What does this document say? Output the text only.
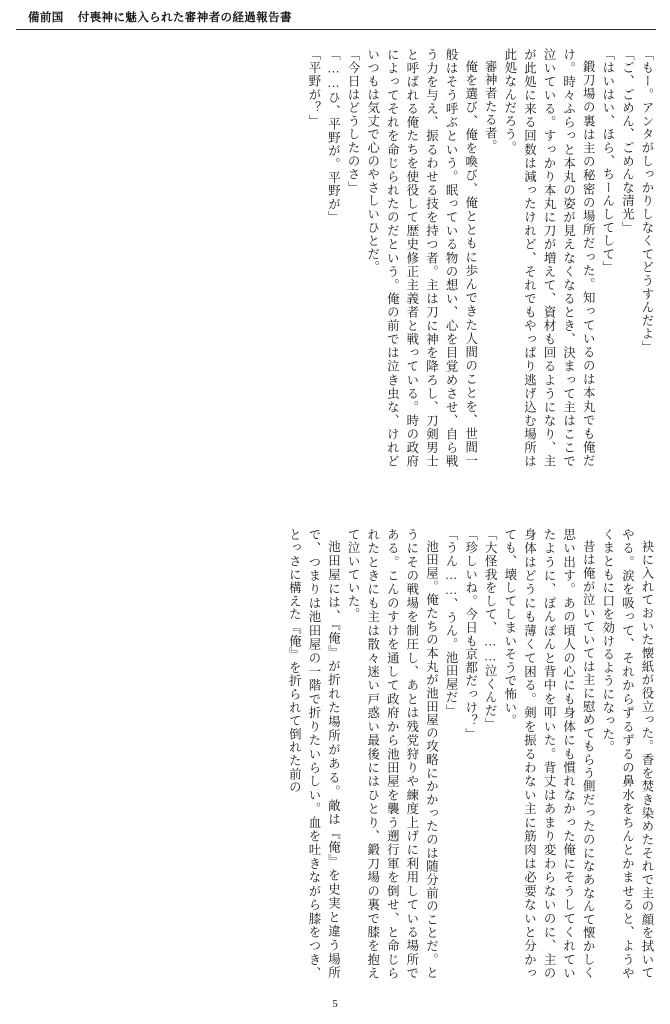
備前国 付喪神に魅入られた審神者の経過報告書

「もー。アンタがしっかりしなくてどうすんだよ」

「ご、ごめん、ごめんな清光」

「はいはい、ほら、ちーんしてして」

鍛刀場の裏は主の秘密の場所だった。知っているのは本丸でも俺だけ。時々ふらっと本丸の姿が見えなくなるとき、決まって主はここで泣いている。すっかり本丸に刀が増えて、資材も回るようになり、主が此処に来る回数は減ったけれど、それでもやっぱり逃げ込む場所は此処なんだろう。

審神者たる者。

俺を選び、俺を喚び、俺とともに歩んできた人間のことを、世間一般はそう呼ぶという。眠っている物の想い、心を目覚めさせ、自ら戦う力を与え、振るわせる技を持つ者。主は刀に神を降ろし、刀剣男士と呼ばれる俺たちを使役して歴史修正主義者と戦っている。時の政府によってそれを命じられたのだという。俺の前では泣き虫な、けれどいつもは気丈で心のやさしいひとだ。

「今日はどうしたのさ」

「……ひ、平野が。平野が」

「平野が？」

袂に入れておいた懐紙が役立った。香を焚き染めたそれで主の顔を拭いてやる。涙を吸って、それからずるずるの鼻水をちんとかませると、ようやくまともに口を効けるようになった。

昔は俺が泣いていては主に慰めてもらう側だったのになあなんて懐かしく思い出す。あの頃人の心にも身体にも慣れなかった俺にそうしてくれていたように、ぽんぽんと背中を叩いた。背丈はあまり変わらないのに、主の身体はどうにも薄くて困る。剣を振るわない主に筋肉は必要ないと分かっても、壊してしまいそうで怖い。

「大怪我をして、……泣くんだ」

「珍しいね。今日も京都だっけ？」

「うん……、うん。池田屋だ」

池田屋。俺たちの本丸が池田屋の攻略にかかったのは随分前のことだ。とうにその戦場を制圧し、あとは残党狩りや練度上げに利用している場所である。こんのすけを通して政府から池田屋を襲う遡行軍を倒せ、と命じられたときにも主は散々迷い戸惑い最後にはひとり、鍛刀場の裏で膝を抱えて泣いていた。

池田屋には、『俺』が折れた場所がある。敵は『俺』を史実と違う場所で、つまりは池田屋の一階で折りたいらしい。血を吐きながら膝をつき、とっさに構えた『俺』を折られて倒れた前の

5
